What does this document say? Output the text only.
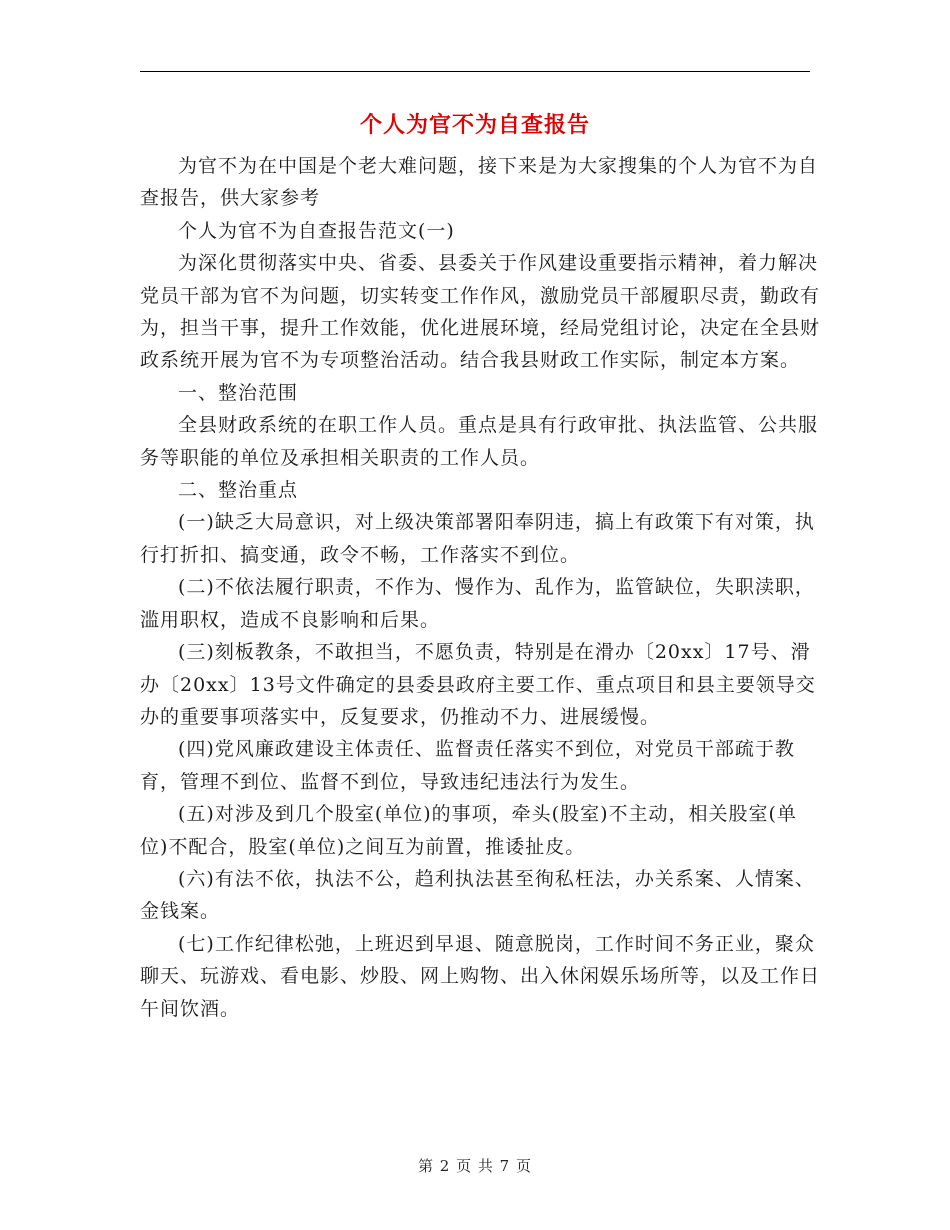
个人为官不为自查报告

为官不为在中国是个老大难问题，接下来是为大家搜集的个人为官不为自查报告，供大家参考

个人为官不为自查报告范文(一)

为深化贯彻落实中央、省委、县委关于作风建设重要指示精神，着力解决党员干部为官不为问题，切实转变工作作风，激励党员干部履职尽责，勤政有为，担当干事，提升工作效能，优化进展环境，经局党组讨论，决定在全县财政系统开展为官不为专项整治活动。结合我县财政工作实际，制定本方案。

一、整治范围

全县财政系统的在职工作人员。重点是具有行政审批、执法监管、公共服务等职能的单位及承担相关职责的工作人员。

二、整治重点

(一)缺乏大局意识，对上级决策部署阳奉阴违，搞上有政策下有对策，执行打折扣、搞变通，政令不畅，工作落实不到位。

(二)不依法履行职责，不作为、慢作为、乱作为，监管缺位，失职渎职，滥用职权，造成不良影响和后果。

(三)刻板教条，不敢担当，不愿负责，特别是在滑办〔20xx〕17号、滑办〔20xx〕13号文件确定的县委县政府主要工作、重点项目和县主要领导交办的重要事项落实中，反复要求，仍推动不力、进展缓慢。

(四)党风廉政建设主体责任、监督责任落实不到位，对党员干部疏于教育，管理不到位、监督不到位，导致违纪违法行为发生。

(五)对涉及到几个股室(单位)的事项，牵头(股室)不主动，相关股室(单位)不配合，股室(单位)之间互为前置，推诿扯皮。

(六)有法不依，执法不公，趋利执法甚至徇私枉法，办关系案、人情案、金钱案。

(七)工作纪律松弛，上班迟到早退、随意脱岗，工作时间不务正业，聚众聊天、玩游戏、看电影、炒股、网上购物、出入休闲娱乐场所等，以及工作日午间饮酒。

第 2 页 共 7 页
